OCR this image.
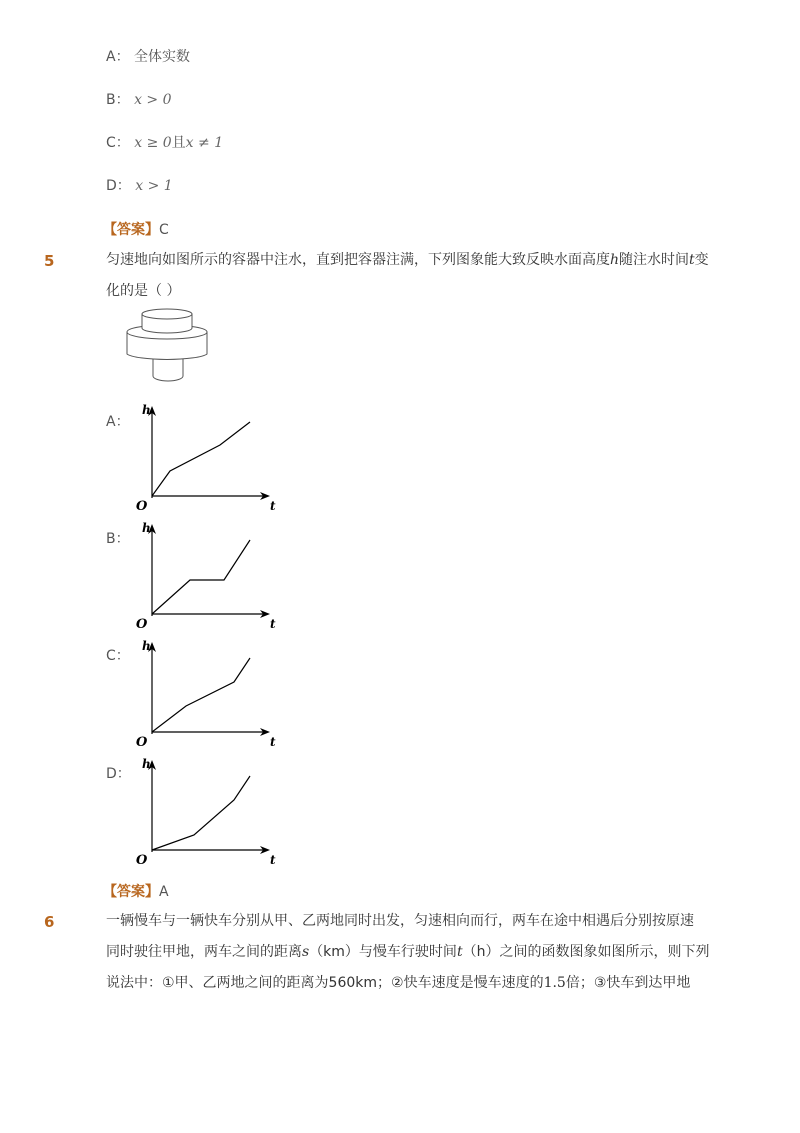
A： 全体实数
B： x > 0
C： x ≥ 0且x ≠ 1
D： x > 1
【答案】C
5	匀速地向如图所示的容器中注水，直到把容器注满，下列图象能大致反映水面高度h随注水时间t变
化的是（ ）
A：
h
t
O
B：
h
t
O
C：
h
t
O
D：
h
t
O
【答案】A
6	一辆慢车与一辆快车分别从甲、乙两地同时出发，匀速相向而行，两车在途中相遇后分别按原速
同时驶往甲地，两车之间的距离s（km）与慢车行驶时间t（h）之间的函数图象如图所示，则下列
说法中：①甲、乙两地之间的距离为560km；②快车速度是慢车速度的1.5倍；③快车到达甲地
